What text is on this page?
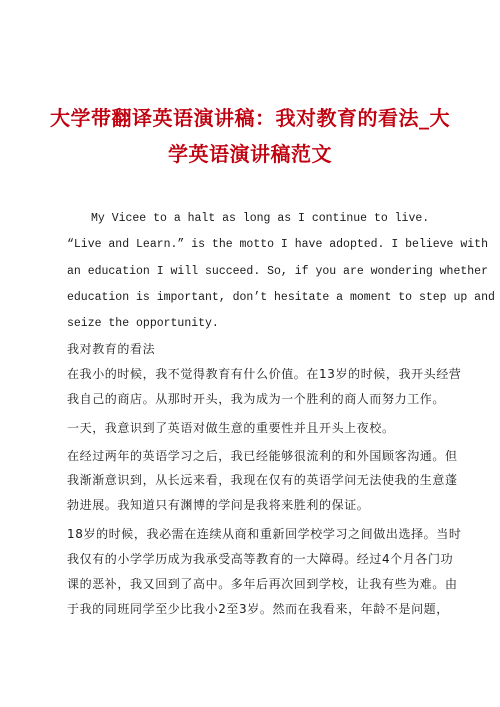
大学带翻译英语演讲稿：我对教育的看法_大
学英语演讲稿范文
My Vicee to a halt as long as I continue to live.
“Live and Learn.” is the motto I have adopted. I believe with
an education I will succeed. So, if you are wondering whether
education is important, don’t hesitate a moment to step up and
seize the opportunity.
我对教育的看法
在我小的时候，我不觉得教育有什么价值。在13岁的时候，我开头经营
我自己的商店。从那时开头，我为成为一个胜利的商人而努力工作。
一天，我意识到了英语对做生意的重要性并且开头上夜校。
在经过两年的英语学习之后，我已经能够很流利的和外国顾客沟通。但
我渐渐意识到，从长远来看，我现在仅有的英语学问无法使我的生意蓬
勃进展。我知道只有渊博的学问是我将来胜利的保证。
18岁的时候，我必需在连续从商和重新回学校学习之间做出选择。当时
我仅有的小学学历成为我承受高等教育的一大障碍。经过4个月各门功
课的恶补，我又回到了高中。多年后再次回到学校，让我有些为难。由
于我的同班同学至少比我小2至3岁。然而在我看来，年龄不是问题，
